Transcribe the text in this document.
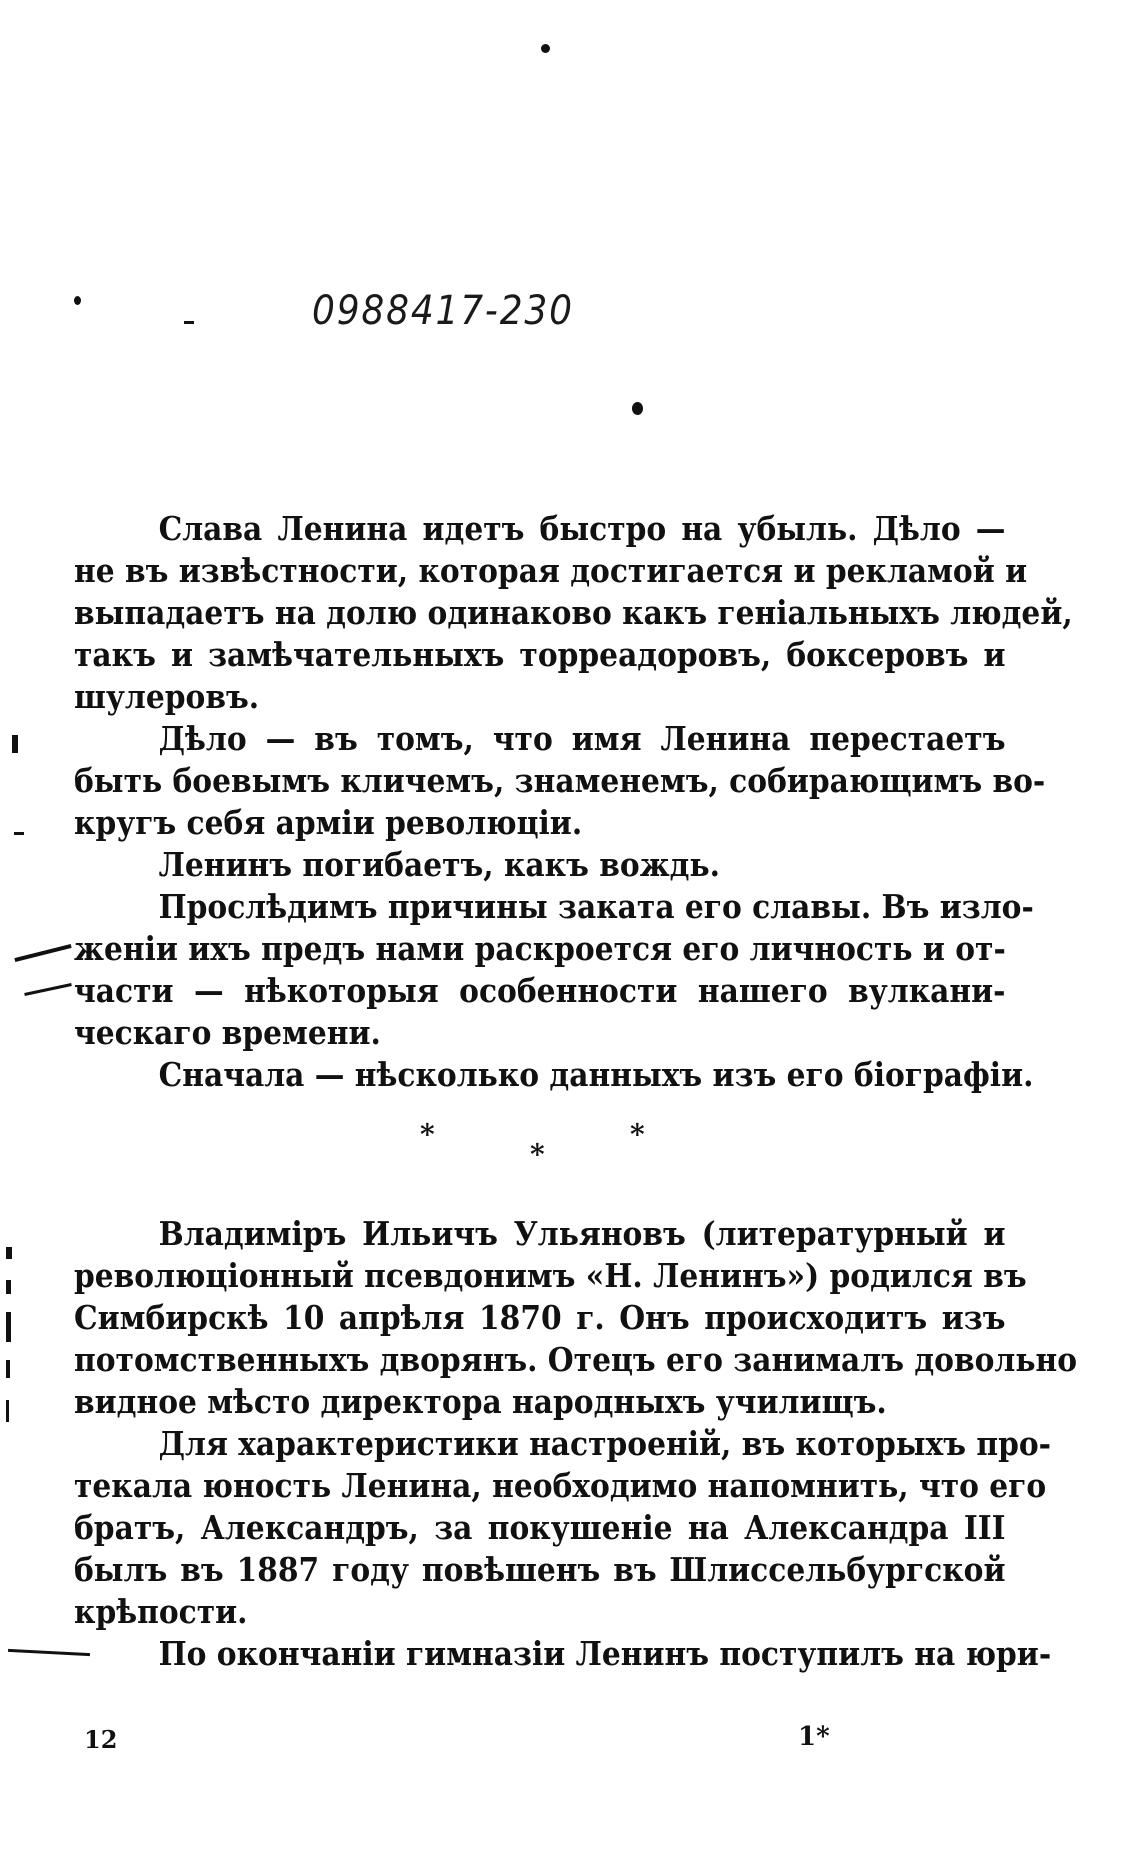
0988417-230
Слава Ленина идетъ быстро на убыль. Дѣло —
не въ извѣстности, которая достигается и рекламой и
выпадаетъ на долю одинаково какъ геніальныхъ людей,
такъ и замѣчательныхъ торреадоровъ, боксеровъ и
шулеровъ.
Дѣло — въ томъ, что имя Ленина перестаетъ
быть боевымъ кличемъ, знаменемъ, собирающимъ во-
кругъ себя арміи революціи.
Ленинъ погибаетъ, какъ вождь.
Прослѣдимъ причины заката его славы. Въ изло-
женіи ихъ предъ нами раскроется его личность и от-
части — нѣкоторыя особенности нашего вулкани-
ческаго времени.
Сначала — нѣсколько данныхъ изъ его біографіи.
*
*
*
Владиміръ Ильичъ Ульяновъ (литературный и
революціонный псевдонимъ «Н. Ленинъ») родился въ
Симбирскѣ 10 апрѣля 1870 г. Онъ происходитъ изъ
потомственныхъ дворянъ. Отецъ его занималъ довольно
видное мѣсто директора народныхъ училищъ.
Для характеристики настроеній, въ которыхъ про-
текала юность Ленина, необходимо напомнить, что его
братъ, Александръ, за покушеніе на Александра III
былъ въ 1887 году повѣшенъ въ Шлиссельбургской
крѣпости.
По окончаніи гимназіи Ленинъ поступилъ на юри-
12	1*
